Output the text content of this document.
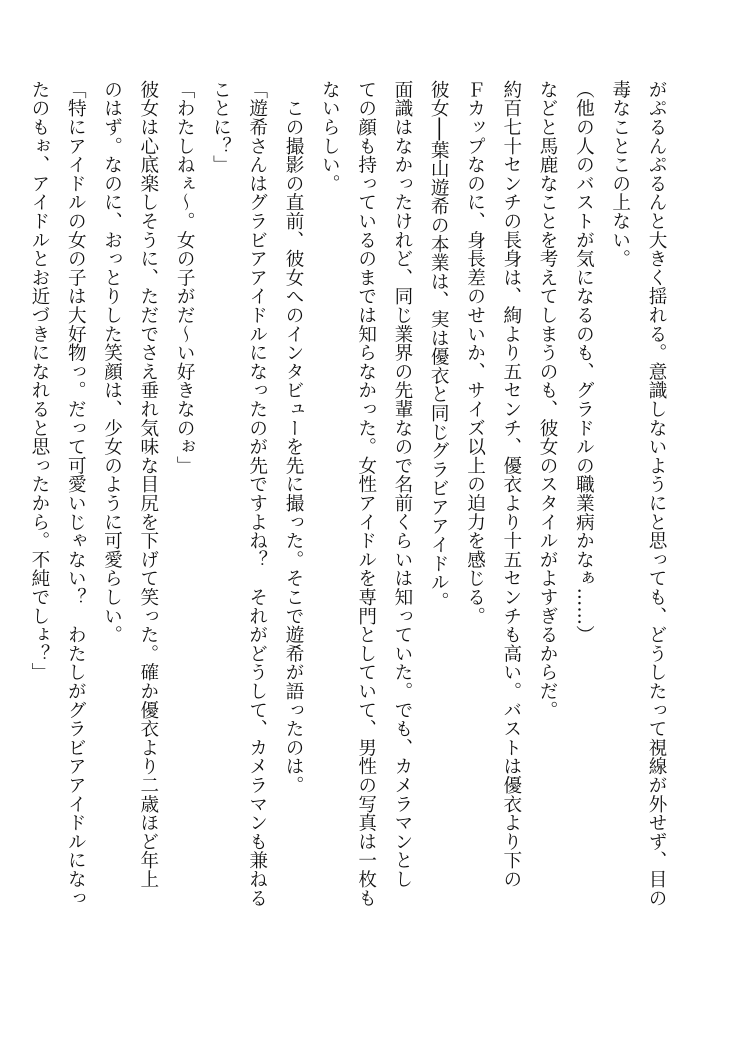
がぷるんぷるんと大きく揺れる。意識しないようにと思っても、どうしたって視線が外せず、目の
毒なことこの上ない。
（他の人のバストが気になるのも、グラドルの職業病かなぁ……）
などと馬鹿なことを考えてしまうのも、彼女のスタイルがよすぎるからだ。
約百七十センチの長身は、絢より五センチ、優衣より十五センチも高い。バストは優衣より下の
Ｆカップなのに、身長差のせいか、サイズ以上の迫力を感じる。
彼女──葉山遊希の本業は、実は優衣と同じグラビアアイドル。
面識はなかったけれど、同じ業界の先輩なので名前くらいは知っていた。でも、カメラマンとし
ての顔も持っているのまでは知らなかった。女性アイドルを専門としていて、男性の写真は一枚も
ないらしい。
　この撮影の直前、彼女へのインタビューを先に撮った。そこで遊希が語ったのは。
「遊希さんはグラビアアイドルになったのが先ですよね？　それがどうして、カメラマンも兼ねる
ことに？」
「わたしねぇ～。女の子がだ～い好きなのぉ」
彼女は心底楽しそうに、ただでさえ垂れ気味な目尻を下げて笑った。確か優衣より二歳ほど年上
のはず。なのに、おっとりした笑顔は、少女のように可愛らしい。
「特にアイドルの女の子は大好物っ。だって可愛いじゃない？　わたしがグラビアアイドルになっ
たのもぉ、アイドルとお近づきになれると思ったから。不純でしょ？」
